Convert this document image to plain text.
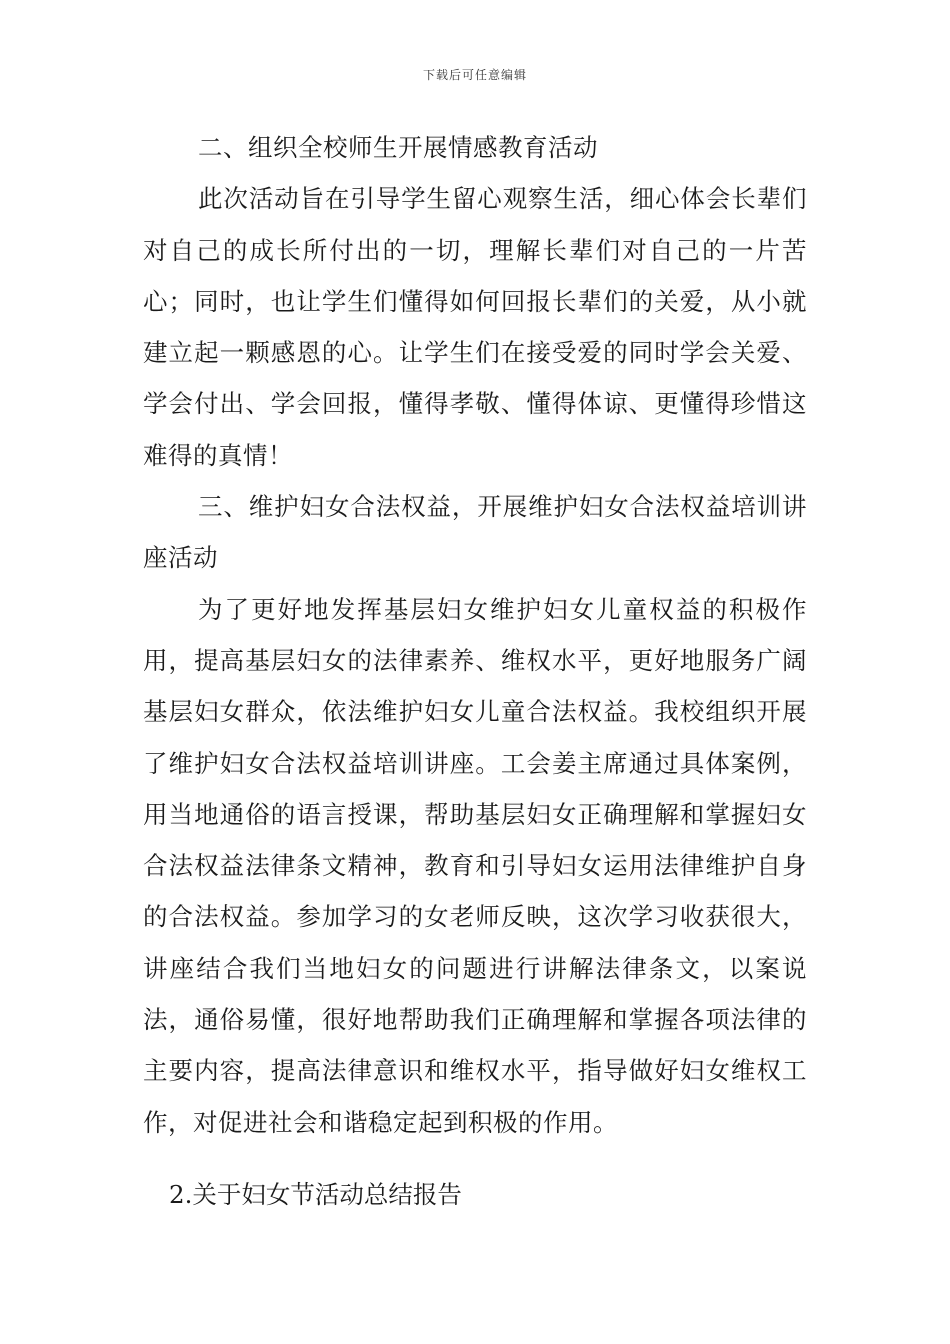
下载后可任意编辑

二、组织全校师生开展情感教育活动

此次活动旨在引导学生留心观察生活，细心体会长辈们对自己的成长所付出的一切，理解长辈们对自己的一片苦心；同时，也让学生们懂得如何回报长辈们的关爱，从小就建立起一颗感恩的心。让学生们在接受爱的同时学会关爱、学会付出、学会回报，懂得孝敬、懂得体谅、更懂得珍惜这难得的真情！

三、维护妇女合法权益，开展维护妇女合法权益培训讲座活动

为了更好地发挥基层妇女维护妇女儿童权益的积极作用，提高基层妇女的法律素养、维权水平，更好地服务广阔基层妇女群众，依法维护妇女儿童合法权益。我校组织开展了维护妇女合法权益培训讲座。工会姜主席通过具体案例，用当地通俗的语言授课，帮助基层妇女正确理解和掌握妇女合法权益法律条文精神，教育和引导妇女运用法律维护自身的合法权益。参加学习的女老师反映，这次学习收获很大，讲座结合我们当地妇女的问题进行讲解法律条文，以案说法，通俗易懂，很好地帮助我们正确理解和掌握各项法律的主要内容，提高法律意识和维权水平，指导做好妇女维权工作，对促进社会和谐稳定起到积极的作用。

2.关于妇女节活动总结报告
